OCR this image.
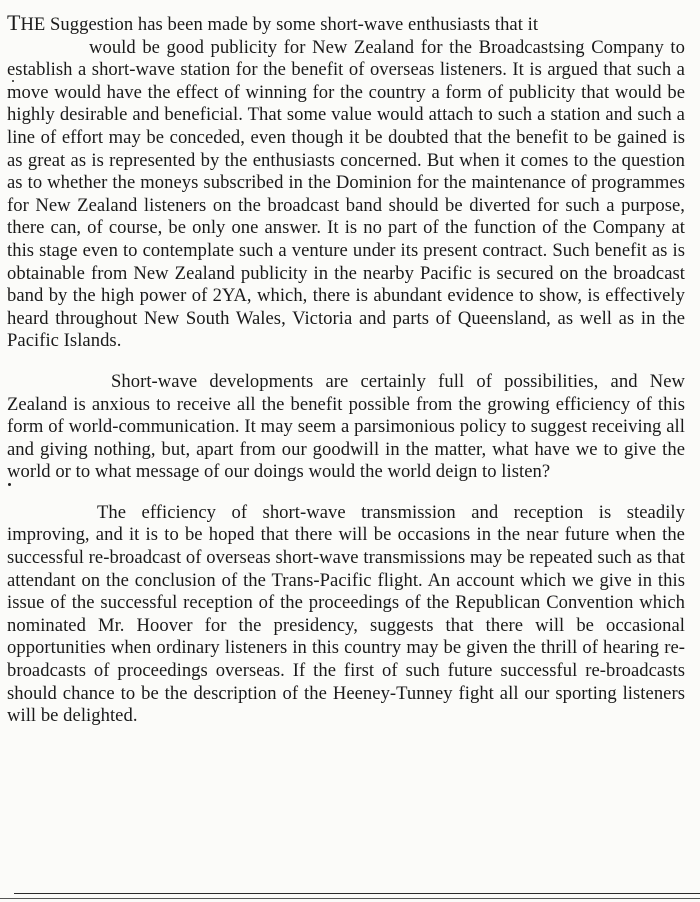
THE Suggestion has been made by some short-wave enthusiasts that it
would be good publicity for New Zealand for the Broadcastsing Company to establish a short-wave station for the benefit of overseas listeners. It is argued that such a move would have the effect of winning for the country a form of publicity that would be highly desirable and beneficial. That some value would attach to such a station and such a line of effort may be conceded, even though it be doubted that the benefit to be gained is as great as is represented by the enthusiasts concerned. But when it comes to the question as to whether the moneys subscribed in the Dominion for the maintenance of programmes for New Zealand listeners on the broadcast band should be diverted for such a purpose, there can, of course, be only one answer. It is no part of the function of the Company at this stage even to contemplate such a venture under its present contract. Such benefit as is obtainable from New Zealand publicity in the nearby Pacific is secured on the broadcast band by the high power of 2YA, which, there is abundant evidence to show, is effectively heard throughout New South Wales, Victoria and parts of Queensland, as well as in the Pacific Islands.

Short-wave developments are certainly full of possibilities, and New Zealand is anxious to receive all the benefit possible from the growing efficiency of this form of world-communication. It may seem a parsimonious policy to suggest receiving all and giving nothing, but, apart from our goodwill in the matter, what have we to give the world or to what message of our doings would the world deign to listen?

The efficiency of short-wave transmission and reception is steadily improving, and it is to be hoped that there will be occasions in the near future when the successful re-broadcast of overseas short-wave transmissions may be repeated such as that attendant on the conclusion of the Trans-Pacific flight. An account which we give in this issue of the successful reception of the proceedings of the Republican Convention which nominated Mr. Hoover for the presidency, suggests that there will be occasional opportunities when ordinary listeners in this country may be given the thrill of hearing re-broadcasts of proceedings overseas. If the first of such future successful re-broadcasts should chance to be the description of the Heeney-Tunney fight all our sporting listeners will be delighted.
